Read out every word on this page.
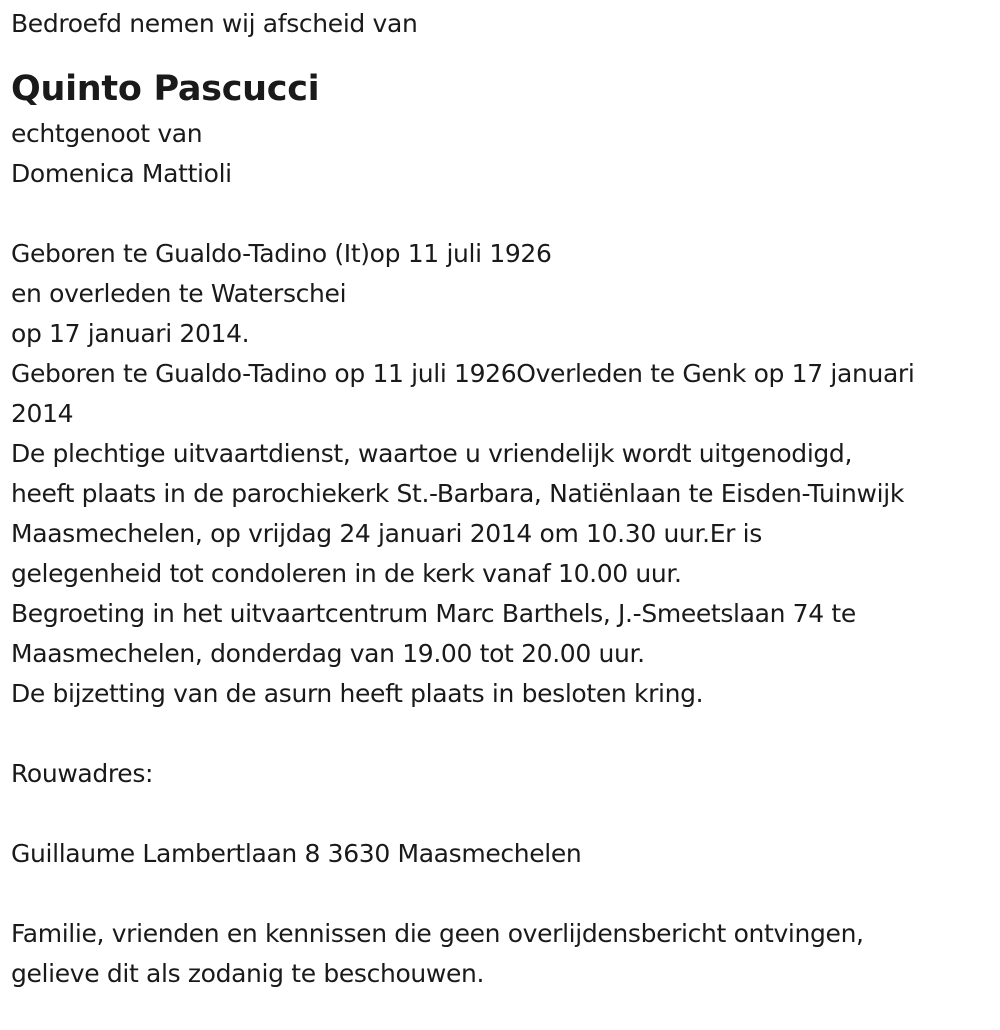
Bedroefd nemen wij afscheid van
Quinto Pascucci
echtgenoot van
Domenica Mattioli
Geboren te Gualdo-Tadino (It)op 11 juli 1926
en overleden te Waterschei
op 17 januari 2014.
Geboren te Gualdo-Tadino op 11 juli 1926Overleden te Genk op 17 januari
2014
De plechtige uitvaartdienst, waartoe u vriendelijk wordt uitgenodigd,
heeft plaats in de parochiekerk St.-Barbara, Natiënlaan te Eisden-Tuinwijk
Maasmechelen, op vrijdag 24 januari 2014 om 10.30 uur.Er is
gelegenheid tot condoleren in de kerk vanaf 10.00 uur.
Begroeting in het uitvaartcentrum Marc Barthels, J.-Smeetslaan 74 te
Maasmechelen, donderdag van 19.00 tot 20.00 uur.
De bijzetting van de asurn heeft plaats in besloten kring.
Rouwadres:
Guillaume Lambertlaan 8 3630 Maasmechelen
Familie, vrienden en kennissen die geen overlijdensbericht ontvingen,
gelieve dit als zodanig te beschouwen.
